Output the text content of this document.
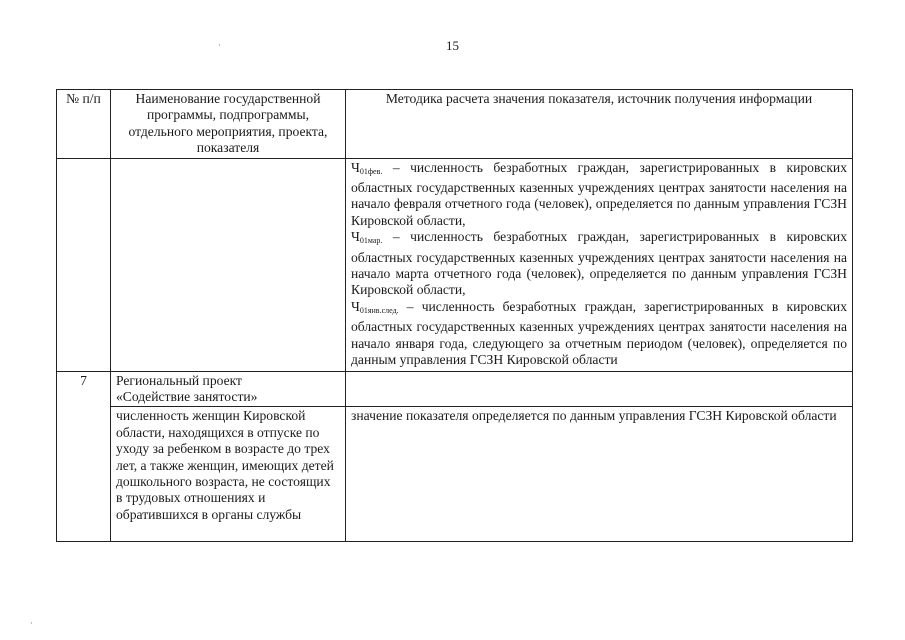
15
·
·
№ п/п	Наименование государственной программы, подпрограммы, отдельного мероприятия, проекта, показателя	Методика расчета значения показателя, источник получения информации

		$Ч_{01фев.}$ – численность безработных граждан, зарегистрированных в кировских областных государственных казенных учреждениях центрах занятости населения на начало февраля отчетного года (человек), определяется по данным управления ГСЗН Кировской области,

$Ч_{01мар.}$ – численность безработных граждан, зарегистрированных в кировских областных государственных казенных учреждениях центрах занятости населения на начало марта отчетного года (человек), определяется по данным управления ГСЗН Кировской области,

$Ч_{01янв.след.}$ – численность безработных граждан, зарегистрированных в кировских областных государственных казенных учреждениях центрах занятости населения на начало января года, следующего за отчетным периодом (человек), определяется по данным управления ГСЗН Кировской области

7	Региональный проект
«Содействие занятости»	

	численность женщин Кировской области, находящихся в отпуске по уходу за ребенком в возрасте до трех лет, а также женщин, имеющих детей дошкольного возраста, не состоящих в трудовых отношениях и обратившихся в органы службы	значение показателя определяется по данным управления ГСЗН Кировской области
